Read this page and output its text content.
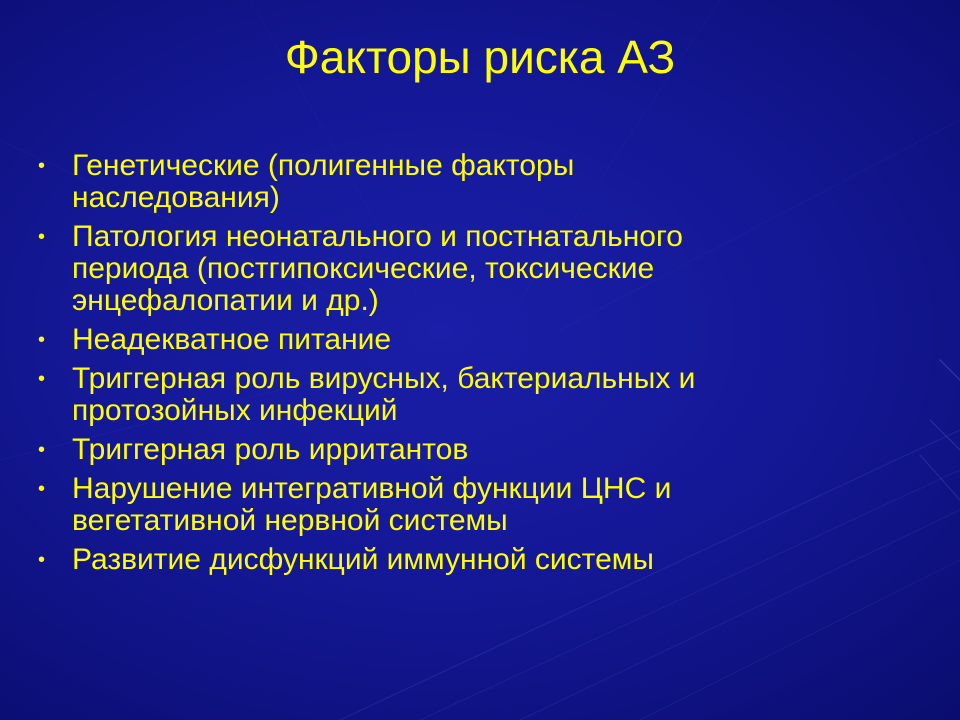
Факторы риска АЗ
• Генетические (полигенные факторы
наследования)
• Патология неонатального и постнатального
периода (постгипоксические, токсические
энцефалопатии и др.)
• Неадекватное питание
• Триггерная роль вирусных, бактериальных и
протозойных инфекций
• Триггерная роль ирритантов
• Нарушение интегративной функции ЦНС и
вегетативной нервной системы
• Развитие дисфункций иммунной системы
